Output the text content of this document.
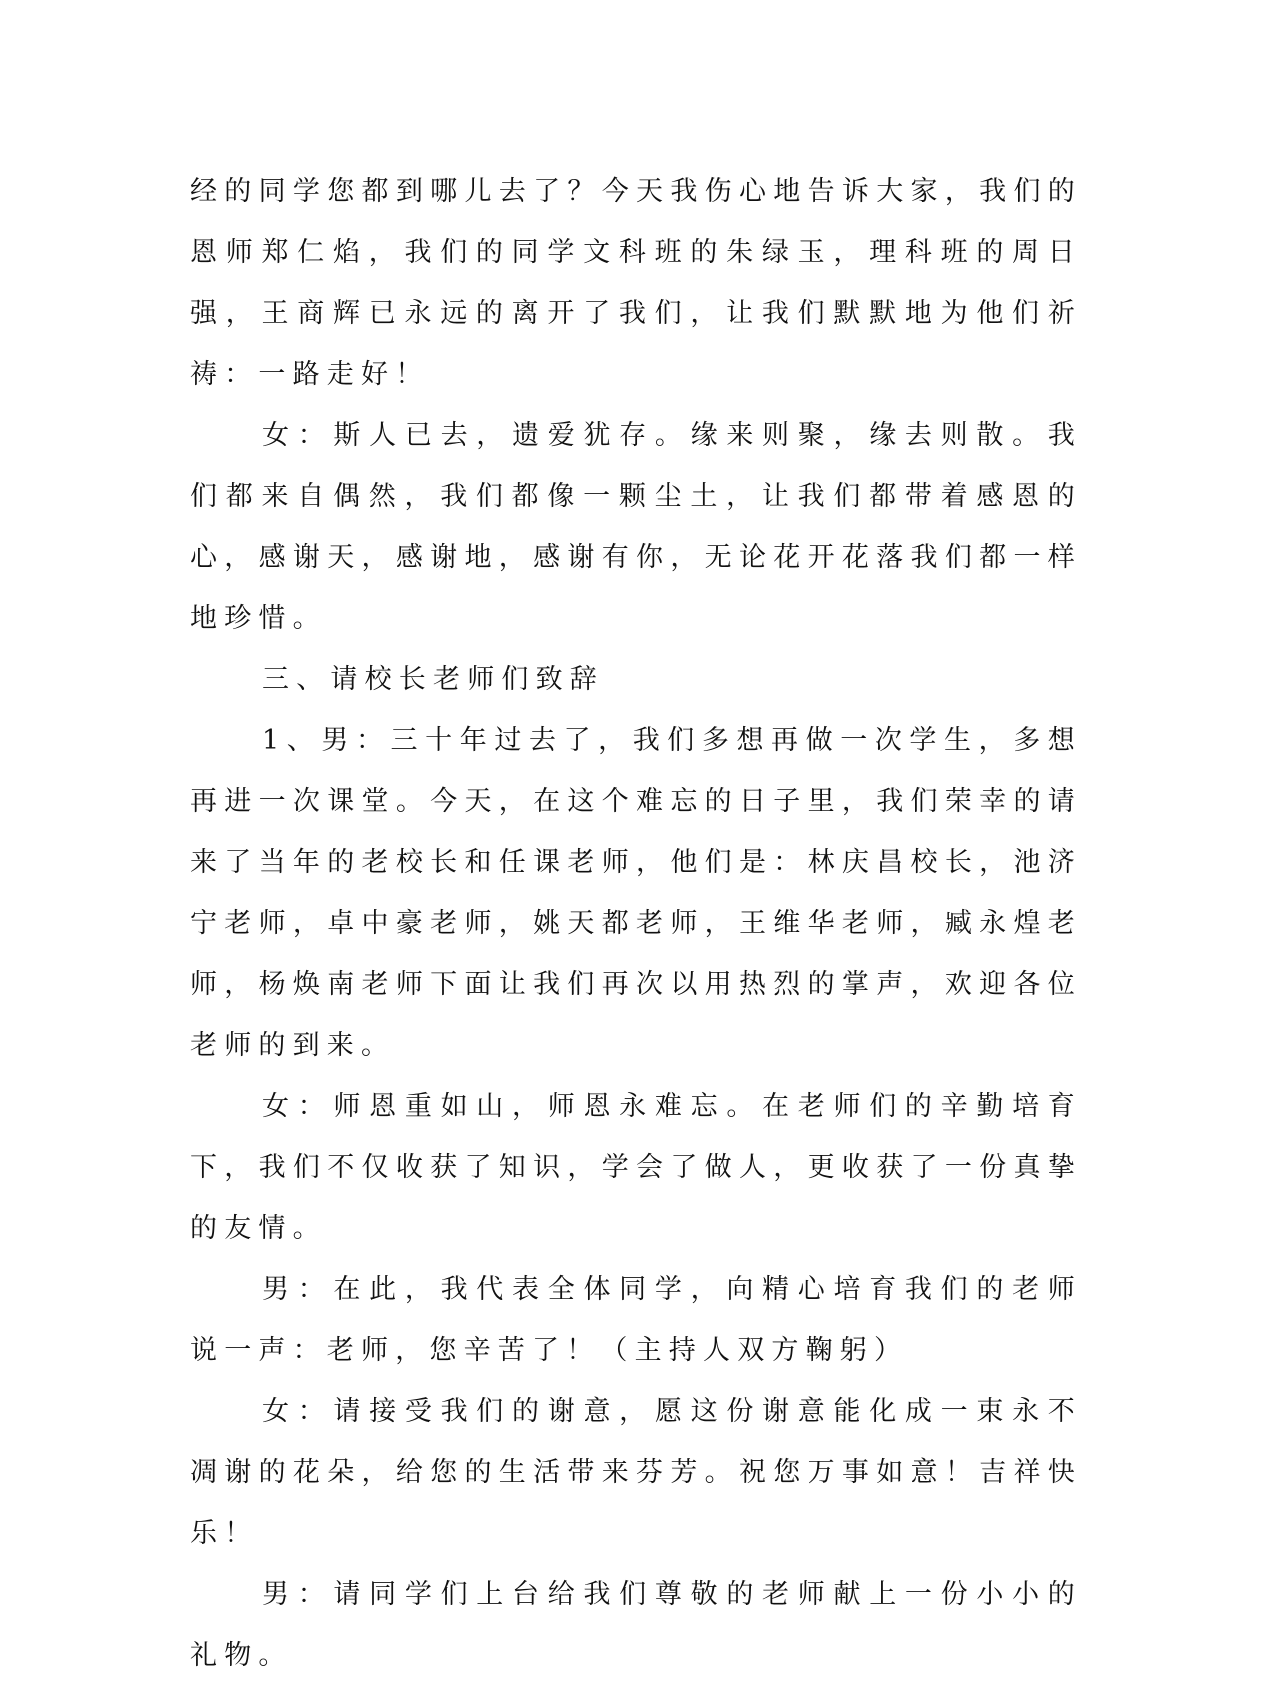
经的同学您都到哪儿去了？今天我伤心地告诉大家，我们的恩师郑仁焰，我们的同学文科班的朱绿玉，理科班的周日强，王商辉已永远的离开了我们，让我们默默地为他们祈祷：一路走好！

女：斯人已去，遗爱犹存。缘来则聚，缘去则散。我们都来自偶然，我们都像一颗尘土，让我们都带着感恩的心，感谢天，感谢地，感谢有你，无论花开花落我们都一样地珍惜。

三、请校长老师们致辞

1、男：三十年过去了，我们多想再做一次学生，多想再进一次课堂。今天，在这个难忘的日子里，我们荣幸的请来了当年的老校长和任课老师，他们是：林庆昌校长，池济宁老师，卓中豪老师，姚天都老师，王维华老师，臧永煌老师，杨焕南老师下面让我们再次以用热烈的掌声，欢迎各位老师的到来。

女：师恩重如山，师恩永难忘。在老师们的辛勤培育下，我们不仅收获了知识，学会了做人，更收获了一份真挚的友情。

男：在此，我代表全体同学，向精心培育我们的老师说一声：老师，您辛苦了！（主持人双方鞠躬）

女：请接受我们的谢意，愿这份谢意能化成一束永不凋谢的花朵，给您的生活带来芬芳。祝您万事如意！吉祥快乐！

男：请同学们上台给我们尊敬的老师献上一份小小的礼物。
